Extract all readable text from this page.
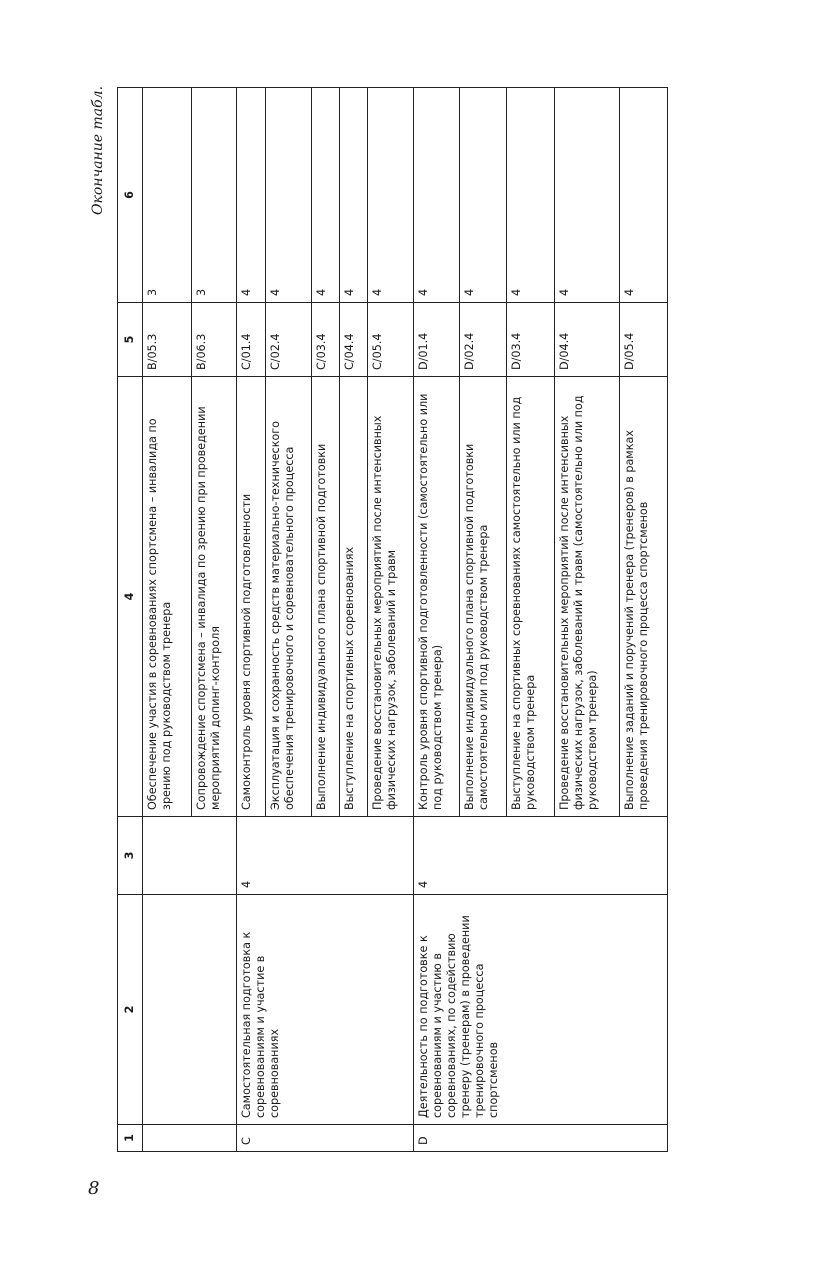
8
Окончание табл.
1	2	3	4	5	6
			Обеспечение участия в соревнованиях спортсмена – инвалида по зрению под руководством тренера	B/05.3	3
			Сопровождение спортсмена – инвалида по зрению при проведении мероприятий допинг-контроля	B/06.3	3
C	Самостоятельная подготовка к соревнованиям и участие в соревнованиях	4	Самоконтроль уровня спортивной подготовленности	C/01.4	4
			Эксплуатация и сохранность средств материально-технического обеспечения тренировочного и соревновательного процесса	C/02.4	4
			Выполнение индивидуального плана спортивной подготовки	C/03.4	4
			Выступление на спортивных соревнованиях	C/04.4	4
			Проведение восстановительных мероприятий после интенсивных физических нагрузок, заболеваний и травм	C/05.4	4
D	Деятельность по подготовке к соревнованиям и участию в соревнованиях, по содействию тренеру (тренерам) в проведении тренировочного процесса спортсменов	4	Контроль уровня спортивной подготовленности (самостоятельно или под руководством тренера)	D/01.4	4
			Выполнение индивидуального плана спортивной подготовки самостоятельно или под руководством тренера	D/02.4	4
			Выступление на спортивных соревнованиях самостоятельно или под руководством тренера	D/03.4	4
			Проведение восстановительных мероприятий после интенсивных физических нагрузок, заболеваний и травм (самостоятельно или под руководством тренера)	D/04.4	4
			Выполнение заданий и поручений тренера (тренеров) в рамках проведения тренировочного процесса спортсменов	D/05.4	4
